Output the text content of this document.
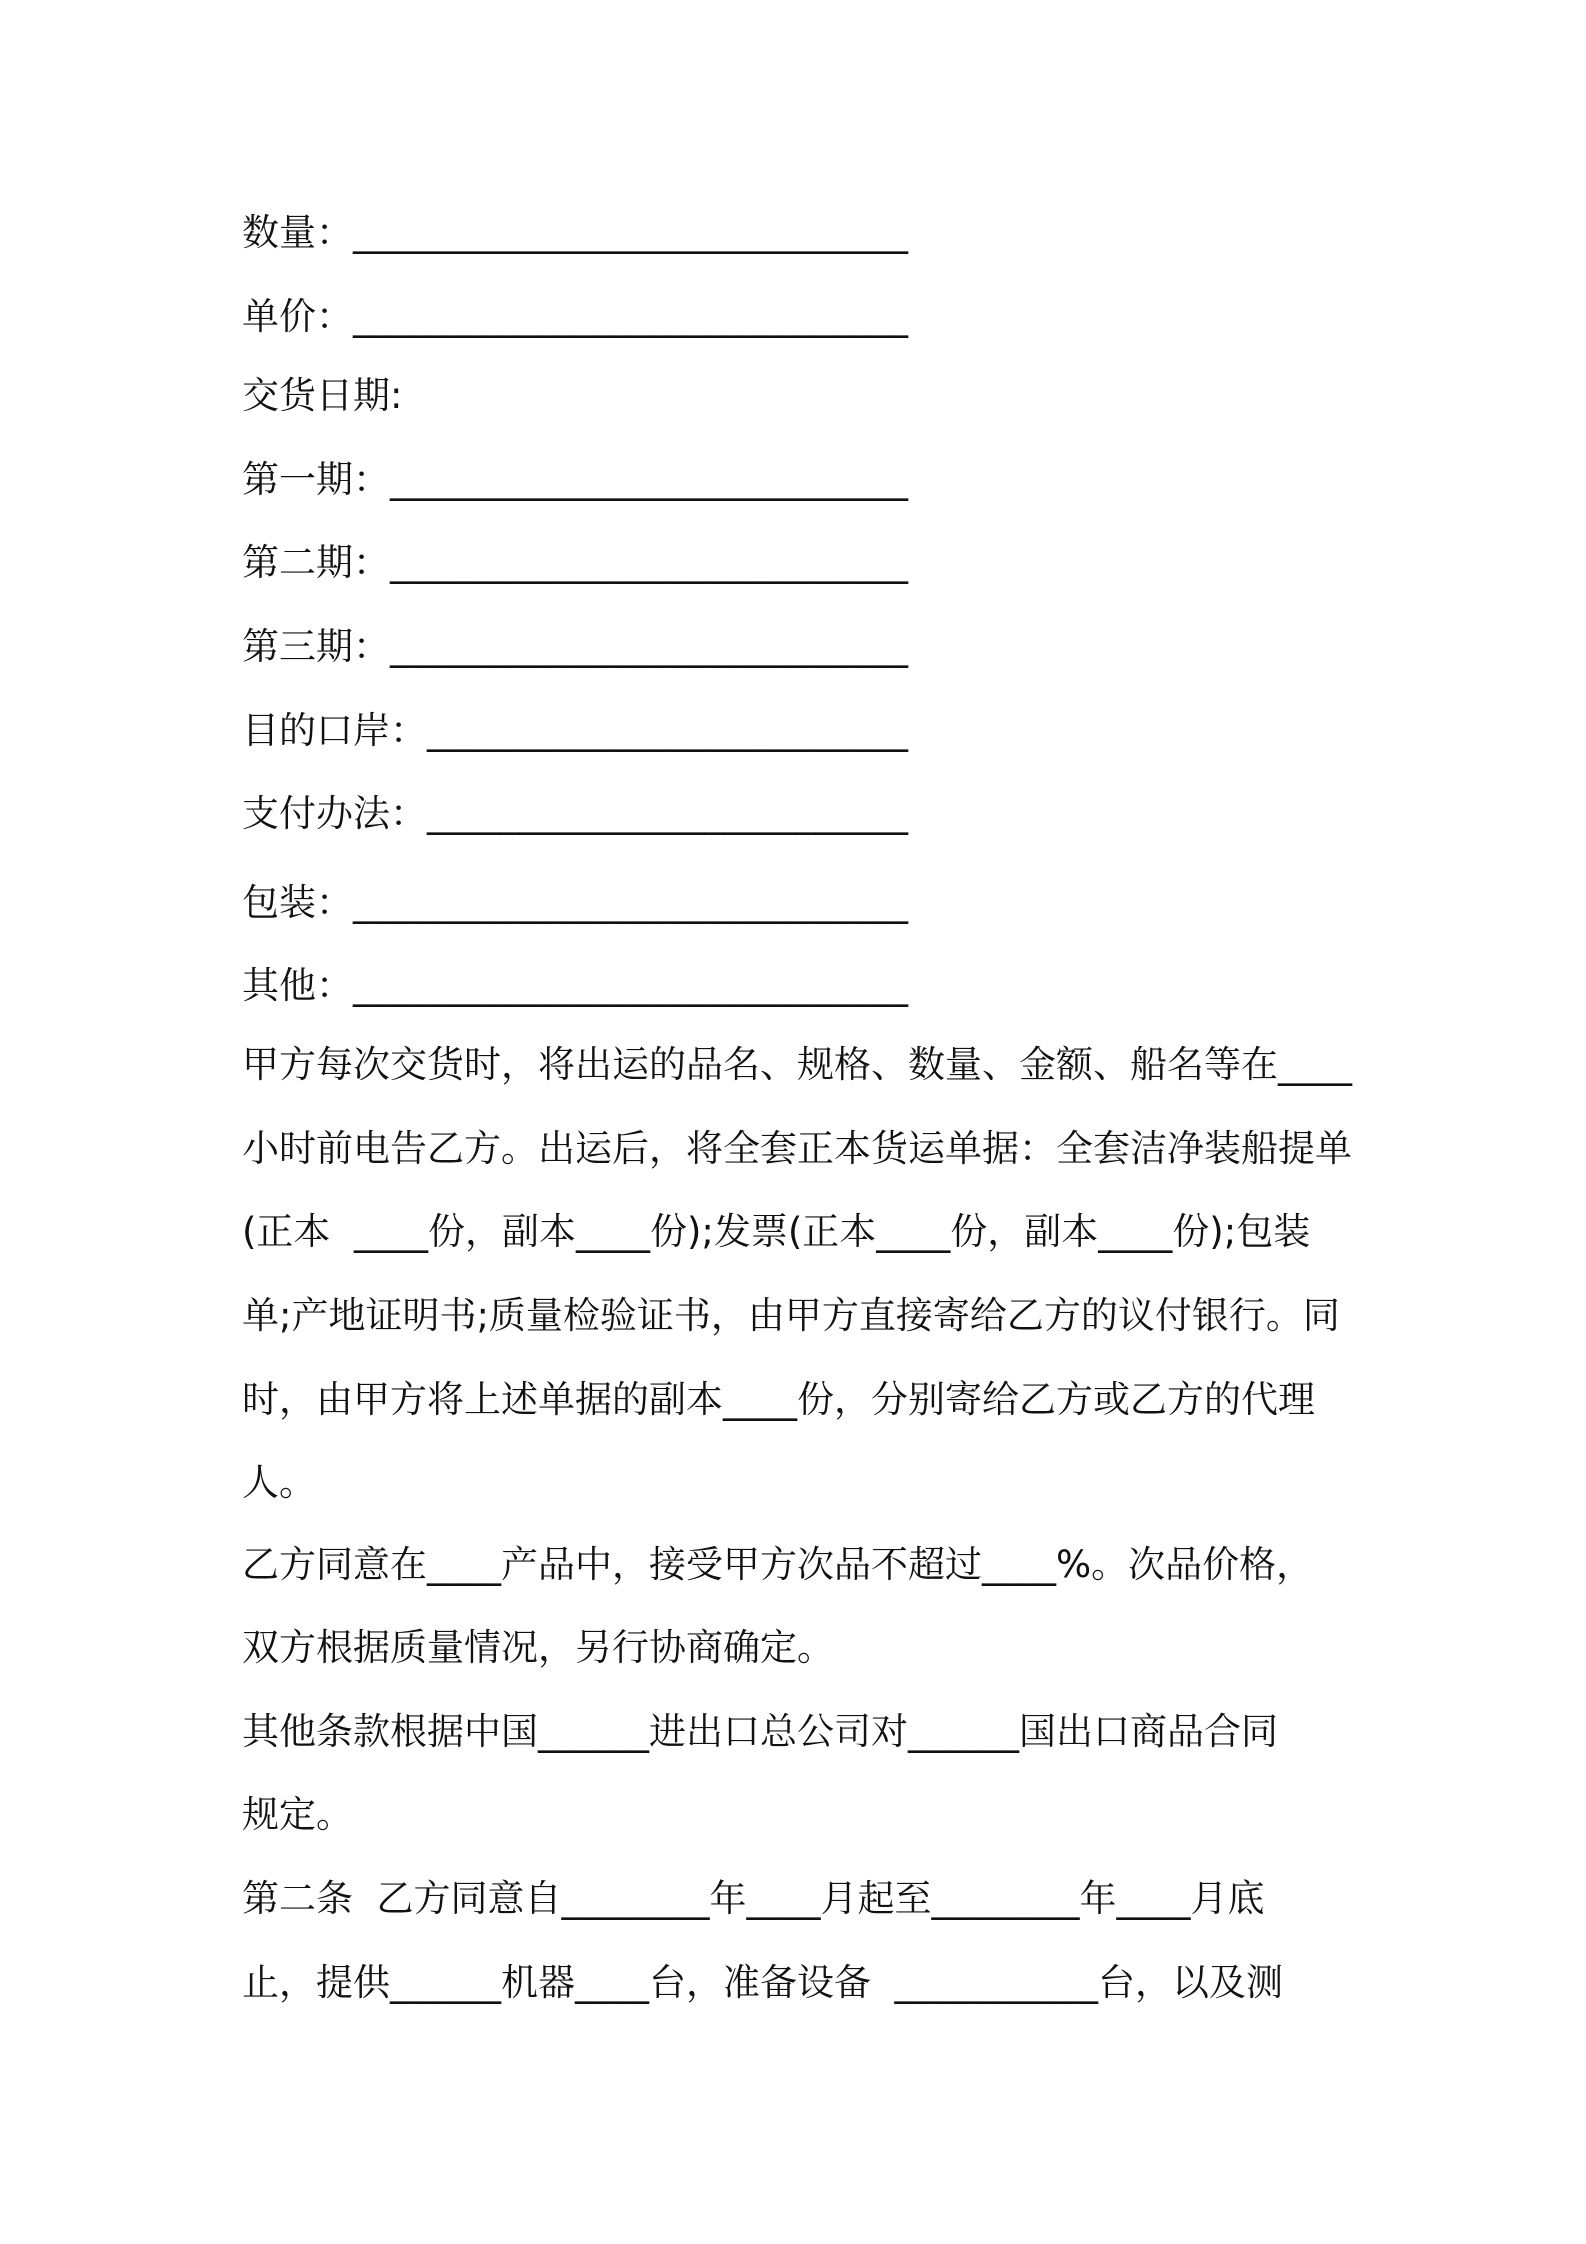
数量：______________________________

单价：______________________________

交货日期:

第一期：____________________________

第二期：____________________________

第三期：____________________________

目的口岸：__________________________

支付办法：__________________________

包装：______________________________

其他：______________________________

甲方每次交货时，将出运的品名、规格、数量、金额、船名等在____

小时前电告乙方。出运后，将全套正本货运单据：全套洁净装船提单

(正本  ____份，副本____份);发票(正本____份，副本____份);包装

单;产地证明书;质量检验证书，由甲方直接寄给乙方的议付银行。同

时，由甲方将上述单据的副本____份，分别寄给乙方或乙方的代理

人。

乙方同意在____产品中，接受甲方次品不超过____%。次品价格，

双方根据质量情况，另行协商确定。

其他条款根据中国______进出口总公司对______国出口商品合同

规定。

第二条  乙方同意自________年____月起至________年____月底

止，提供______机器____台，准备设备  ___________台，以及测
